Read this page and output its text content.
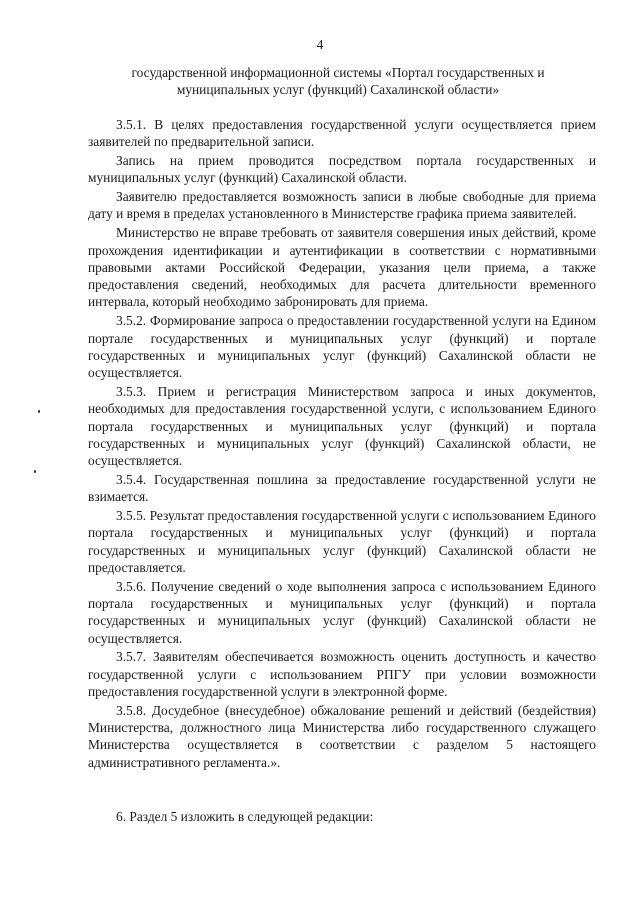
4
государственной информационной системы «Портал государственных и муниципальных услуг (функций) Сахалинской области»

3.5.1. В целях предоставления государственной услуги осуществляется прием заявителей по предварительной записи.

Запись на прием проводится посредством портала государственных и муниципальных услуг (функций) Сахалинской области.

Заявителю предоставляется возможность записи в любые свободные для приема дату и время в пределах установленного в Министерстве графика приема заявителей.

Министерство не вправе требовать от заявителя совершения иных действий, кроме прохождения идентификации и аутентификации в соответствии с нормативными правовыми актами Российской Федерации, указания цели приема, а также предоставления сведений, необходимых для расчета длительности временного интервала, который необходимо забронировать для приема.

3.5.2. Формирование запроса о предоставлении государственной услуги на Едином портале государственных и муниципальных услуг (функций) и портале государственных и муниципальных услуг (функций) Сахалинской области не осуществляется.

3.5.3. Прием и регистрация Министерством запроса и иных документов, необходимых для предоставления государственной услуги, с использованием Единого портала государственных и муниципальных услуг (функций) и портала государственных и муниципальных услуг (функций) Сахалинской области, не осуществляется.

3.5.4. Государственная пошлина за предоставление государственной услуги не взимается.

3.5.5. Результат предоставления государственной услуги с использованием Единого портала государственных и муниципальных услуг (функций) и портала государственных и муниципальных услуг (функций) Сахалинской области не предоставляется.

3.5.6. Получение сведений о ходе выполнения запроса с использованием Единого портала государственных и муниципальных услуг (функций) и портала государственных и муниципальных услуг (функций) Сахалинской области не осуществляется.

3.5.7. Заявителям обеспечивается возможность оценить доступность и качество государственной услуги с использованием РПГУ при условии возможности предоставления государственной услуги в электронной форме.

3.5.8. Досудебное (внесудебное) обжалование решений и действий (бездействия) Министерства, должностного лица Министерства либо государственного служащего Министерства осуществляется в соответствии с разделом 5 настоящего административного регламента.».

6. Раздел 5 изложить в следующей редакции:
